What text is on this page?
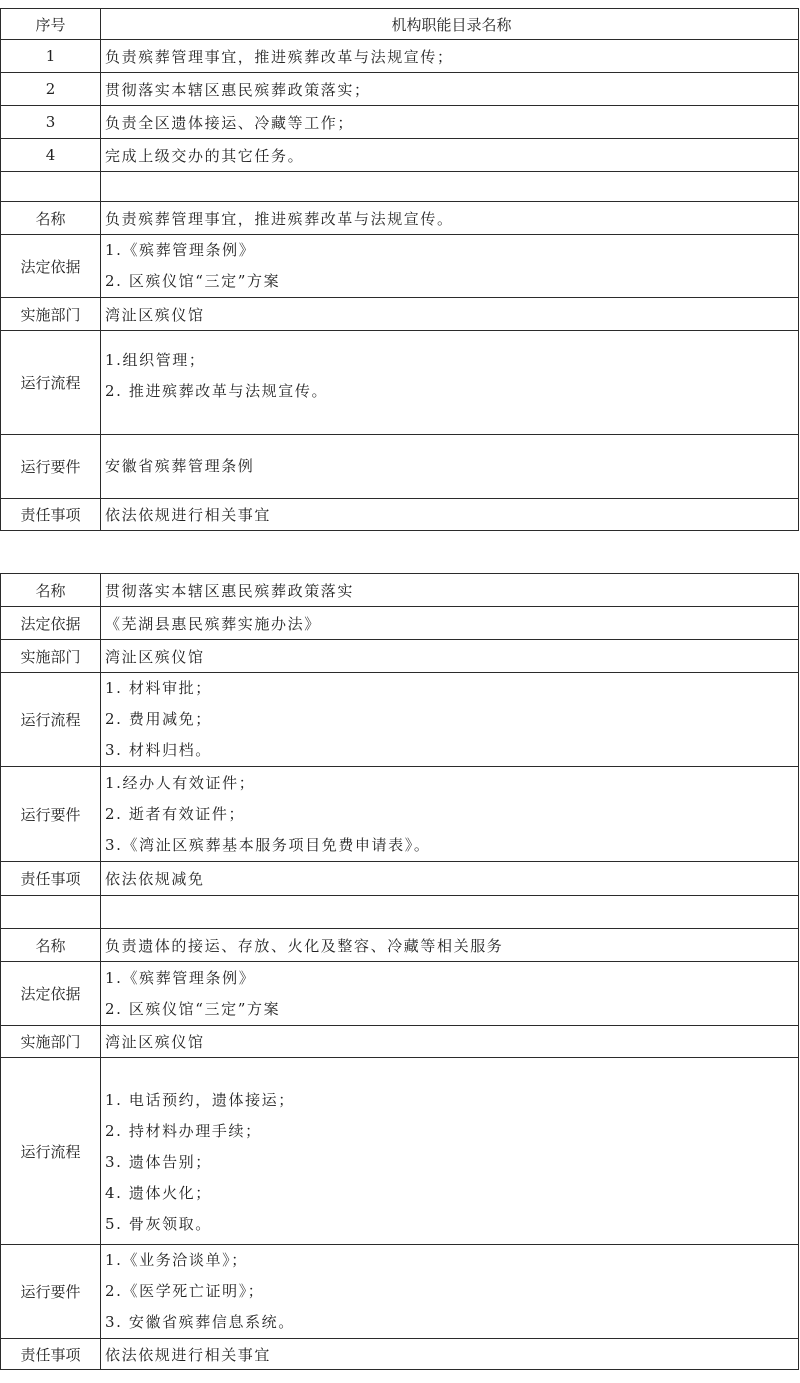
序号	机构职能目录名称
1	负责殡葬管理事宜，推进殡葬改革与法规宣传；
2	贯彻落实本辖区惠民殡葬政策落实；
3	负责全区遗体接运、冷藏等工作；
4	完成上级交办的其它任务。

名称	负责殡葬管理事宜，推进殡葬改革与法规宣传。
法定依据	1.《殡葬管理条例》
2. 区殡仪馆“三定”方案

实施部门	湾沚区殡仪馆
运行流程	1.组织管理；
2. 推进殡葬改革与法规宣传。

运行要件	安徽省殡葬管理条例

责任事项	依法依规进行相关事宜
名称	贯彻落实本辖区惠民殡葬政策落实
法定依据	《芜湖县惠民殡葬实施办法》
实施部门	湾沚区殡仪馆
运行流程	1. 材料审批；
2. 费用减免；
3. 材料归档。

运行要件	1.经办人有效证件；
2. 逝者有效证件；
3.《湾沚区殡葬基本服务项目免费申请表》。

责任事项	依法依规减免

名称	负责遗体的接运、存放、火化及整容、冷藏等相关服务
法定依据	1.《殡葬管理条例》
2. 区殡仪馆“三定”方案

实施部门	湾沚区殡仪馆
运行流程	1. 电话预约，遗体接运；
2. 持材料办理手续；
3. 遗体告别；
4. 遗体火化；
5. 骨灰领取。

运行要件	1.《业务洽谈单》；
2.《医学死亡证明》；
3. 安徽省殡葬信息系统。

责任事项	依法依规进行相关事宜
